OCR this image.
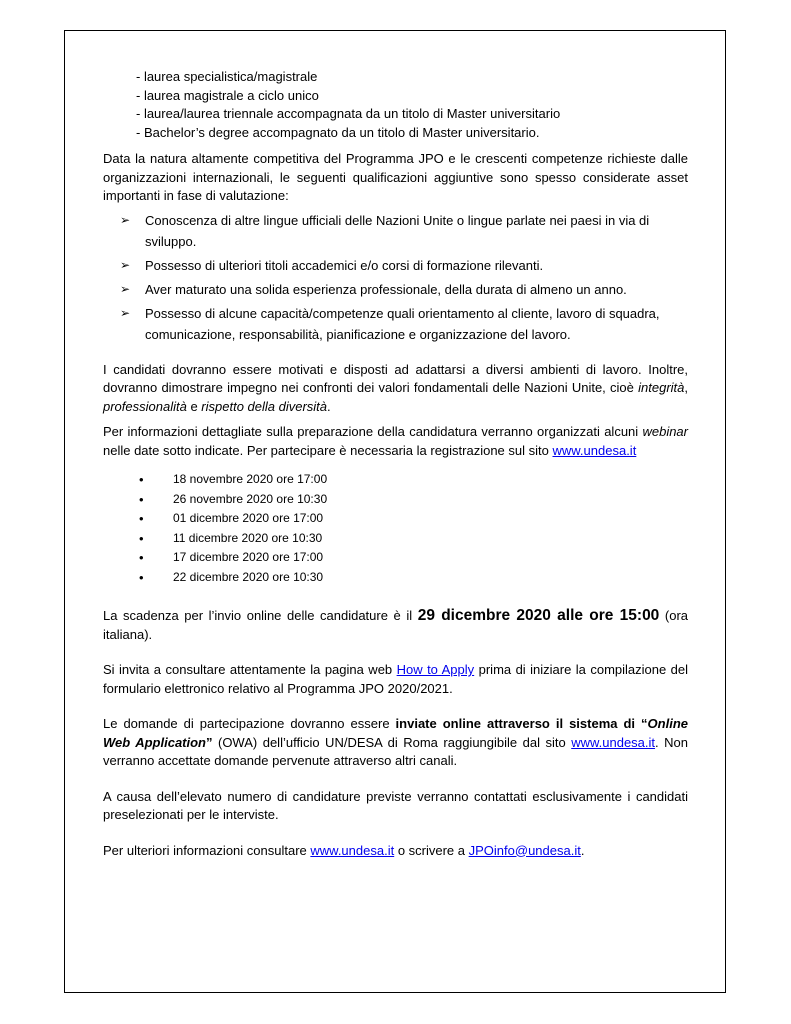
- laurea specialistica/magistrale
- laurea magistrale a ciclo unico
- laurea/laurea triennale accompagnata da un titolo di Master universitario
- Bachelor’s degree accompagnato da un titolo di Master universitario.

Data la natura altamente competitiva del Programma JPO e le crescenti competenze richieste dalle organizzazioni internazionali, le seguenti qualificazioni aggiuntive sono spesso considerate asset importanti in fase di valutazione:

➢ Conoscenza di altre lingue ufficiali delle Nazioni Unite o lingue parlate nei paesi in via di sviluppo.
➢ Possesso di ulteriori titoli accademici e/o corsi di formazione rilevanti.
➢ Aver maturato una solida esperienza professionale, della durata di almeno un anno.
➢ Possesso di alcune capacità/competenze quali orientamento al cliente, lavoro di squadra, comunicazione, responsabilità, pianificazione e organizzazione del lavoro.

I candidati dovranno essere motivati e disposti ad adattarsi a diversi ambienti di lavoro. Inoltre, dovranno dimostrare impegno nei confronti dei valori fondamentali delle Nazioni Unite, cioè integrità, professionalità e rispetto della diversità.

Per informazioni dettagliate sulla preparazione della candidatura verranno organizzati alcuni webinar nelle date sotto indicate. Per partecipare è necessaria la registrazione sul sito www.undesa.it

• 18 novembre 2020 ore 17:00
• 26 novembre 2020 ore 10:30
• 01 dicembre 2020 ore 17:00
• 11 dicembre 2020 ore 10:30
• 17 dicembre 2020 ore 17:00
• 22 dicembre 2020 ore 10:30

La scadenza per l’invio online delle candidature è il 29 dicembre 2020 alle ore 15:00 (ora italiana).

Si invita a consultare attentamente la pagina web How to Apply prima di iniziare la compilazione del formulario elettronico relativo al Programma JPO 2020/2021.

Le domande di partecipazione dovranno essere inviate online attraverso il sistema di “Online Web Application” (OWA) dell’ufficio UN/DESA di Roma raggiungibile dal sito www.undesa.it. Non verranno accettate domande pervenute attraverso altri canali.

A causa dell’elevato numero di candidature previste verranno contattati esclusivamente i candidati preselezionati per le interviste.

Per ulteriori informazioni consultare www.undesa.it o scrivere a JPOinfo@undesa.it.
